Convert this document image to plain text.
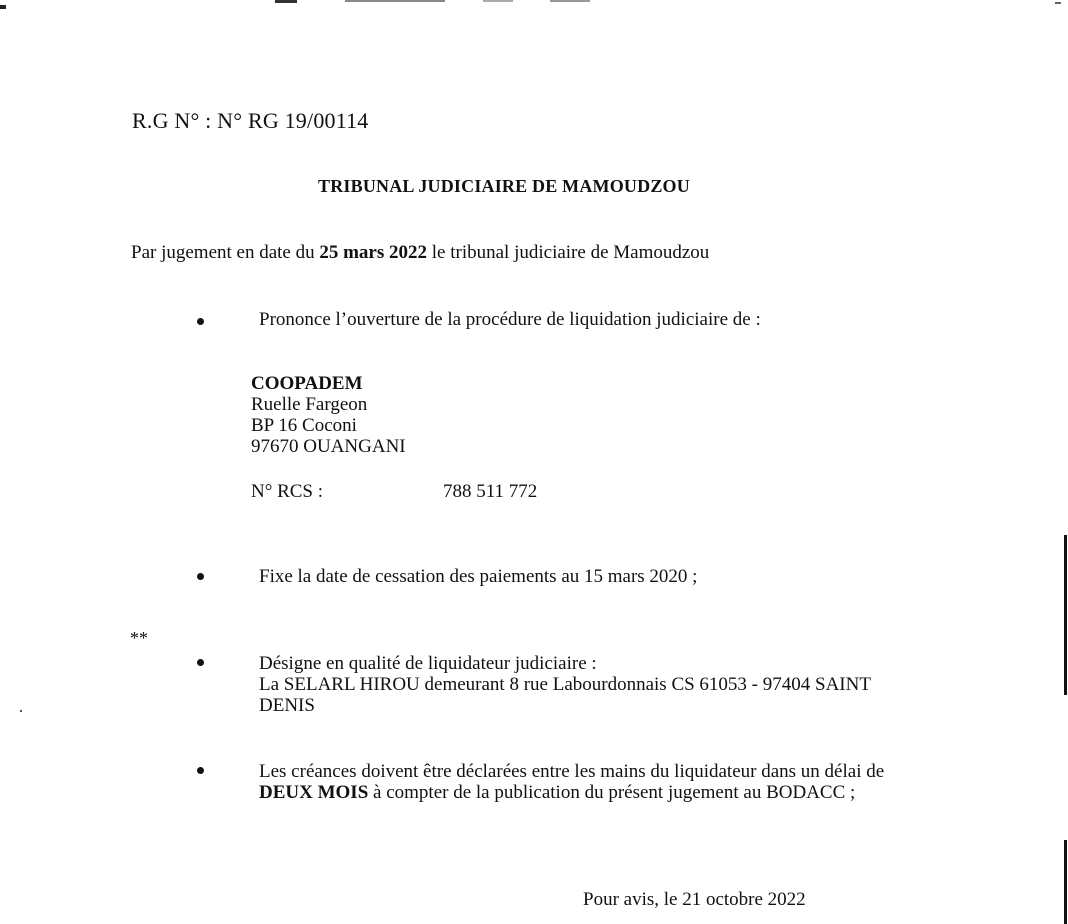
R.G N° : N° RG 19/00114
TRIBUNAL JUDICIAIRE DE MAMOUDZOU
Par jugement en date du 25 mars 2022 le tribunal judiciaire de Mamoudzou
Prononce l’ouverture de la procédure de liquidation judiciaire de :
COOPADEM
Ruelle Fargeon
BP 16 Coconi
97670 OUANGANI
N° RCS :	788 511 772
Fixe la date de cessation des paiements au 15 mars 2020 ;
**
Désigne en qualité de liquidateur judiciaire :
La SELARL HIROU demeurant 8 rue Labourdonnais CS 61053 - 97404 SAINT
DENIS
Les créances doivent être déclarées entre les mains du liquidateur dans un délai de
DEUX MOIS à compter de la publication du présent jugement au BODACC ;
Pour avis, le 21 octobre 2022
